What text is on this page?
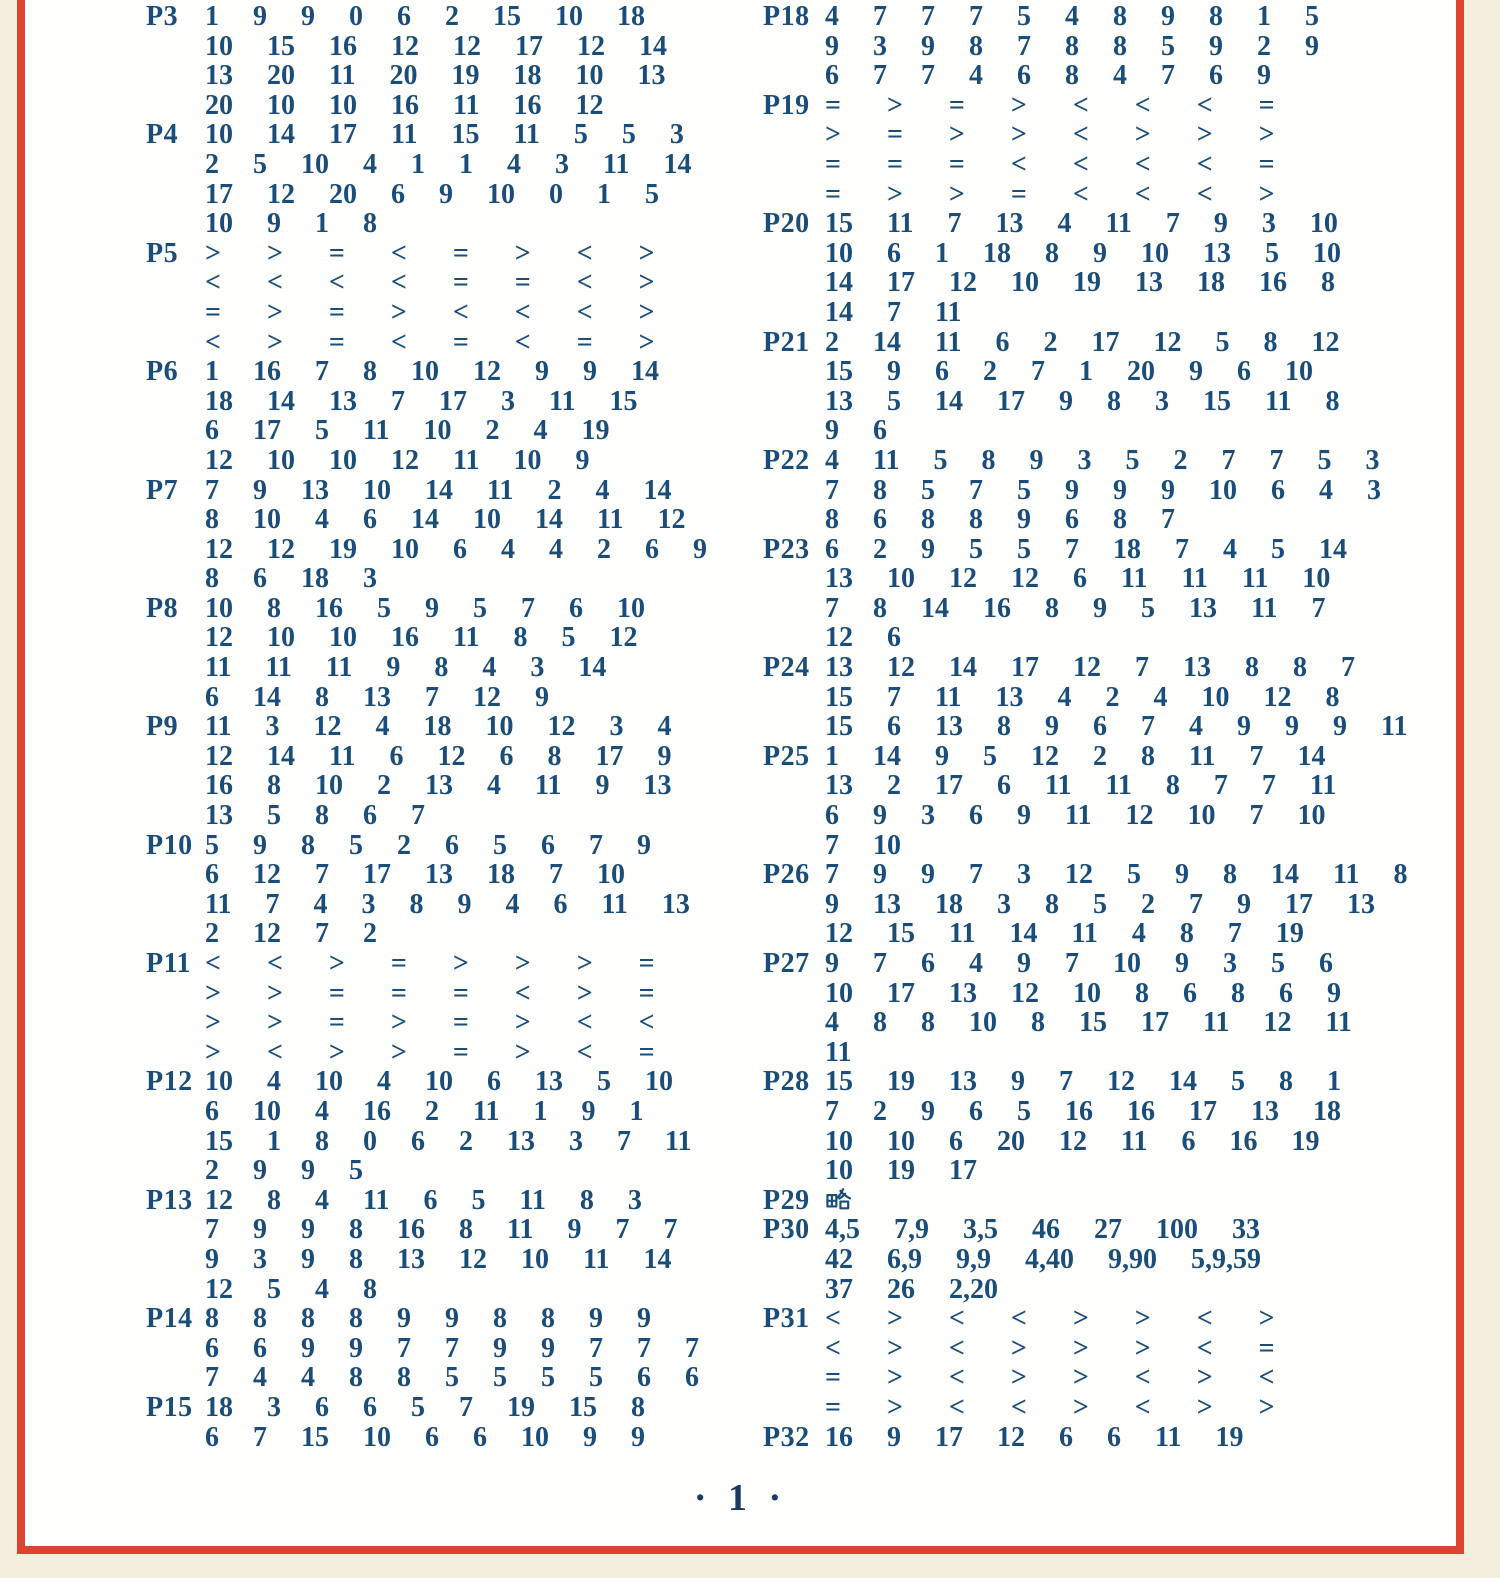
P3 1 9 9 0 6 2 15 10 18
10 15 16 12 12 17 12 14
13 20 11 20 19 18 10 13
20 10 10 16 11 16 12
P4 10 14 17 11 15 11 5 5 3
2 5 10 4 1 1 4 3 11 14
17 12 20 6 9 10 0 1 5
10 9 1 8
P5 > > = < = > < >
< < < < = = < >
= > = > < < < >
< > = < = < = >
P6 1 16 7 8 10 12 9 9 14
18 14 13 7 17 3 11 15
6 17 5 11 10 2 4 19
12 10 10 12 11 10 9
P7 7 9 13 10 14 11 2 4 14
8 10 4 6 14 10 14 11 12
12 12 19 10 6 4 4 2 6 9
8 6 18 3
P8 10 8 16 5 9 5 7 6 10
12 10 10 16 11 8 5 12
11 11 11 9 8 4 3 14
6 14 8 13 7 12 9
P9 11 3 12 4 18 10 12 3 4
12 14 11 6 12 6 8 17 9
16 8 10 2 13 4 11 9 13
13 5 8 6 7
P10 5 9 8 5 2 6 5 6 7 9
6 12 7 17 13 18 7 10
11 7 4 3 8 9 4 6 11 13
2 12 7 2
P11 < < > = > > > =
> > = = = < > =
> > = > = > < <
> < > > = > < =
P12 10 4 10 4 10 6 13 5 10
6 10 4 16 2 11 1 9 1
15 1 8 0 6 2 13 3 7 11
2 9 9 5
P13 12 8 4 11 6 5 11 8 3
7 9 9 8 16 8 11 9 7 7
9 3 9 8 13 12 10 11 14
12 5 4 8
P14 8 8 8 8 9 9 8 8 9 9
6 6 9 9 7 7 9 9 7 7 7
7 4 4 8 8 5 5 5 5 6 6
P15 18 3 6 6 5 7 19 15 8
6 7 15 10 6 6 10 9 9
P18 4 7 7 7 5 4 8 9 8 1 5
9 3 9 8 7 8 8 5 9 2 9
6 7 7 4 6 8 4 7 6 9
P19 = > = > < < < =
> = > > < > > >
= = = < < < < =
= > > = < < < >
P20 15 11 7 13 4 11 7 9 3 10
10 6 1 18 8 9 10 13 5 10
14 17 12 10 19 13 18 16 8
14 7 11
P21 2 14 11 6 2 17 12 5 8 12
15 9 6 2 7 1 20 9 6 10
13 5 14 17 9 8 3 15 11 8
9 6
P22 4 11 5 8 9 3 5 2 7 7 5 3
7 8 5 7 5 9 9 9 10 6 4 3
8 6 8 8 9 6 8 7
P23 6 2 9 5 5 7 18 7 4 5 14
13 10 12 12 6 11 11 11 10
7 8 14 16 8 9 5 13 11 7
12 6
P24 13 12 14 17 12 7 13 8 8 7
15 7 11 13 4 2 4 10 12 8
15 6 13 8 9 6 7 4 9 9 9 11
P25 1 14 9 5 12 2 8 11 7 14
13 2 17 6 11 11 8 7 7 11
6 9 3 6 9 11 12 10 7 10
7 10
P26 7 9 9 7 3 12 5 9 8 14 11 8
9 13 18 3 8 5 2 7 9 17 13
12 15 11 14 11 4 8 7 19
P27 9 7 6 4 9 7 10 9 3 5 6
10 17 13 12 10 8 6 8 6 9
4 8 8 10 8 15 17 11 12 11
11
P28 15 19 13 9 7 12 14 5 8 1
7 2 9 6 5 16 16 17 13 18
10 10 6 20 12 11 6 16 19
10 19 17
P29
P30 4,5 7,9 3,5 46 27 100 33
42 6,9 9,9 4,40 9,90 5,9,59
37 26 2,20
P31 < > < < > > < >
< > < > > > < =
= > < > > < > <
= > < < > < > >
P32 16 9 17 12 6 6 11 19
· 1 ·
